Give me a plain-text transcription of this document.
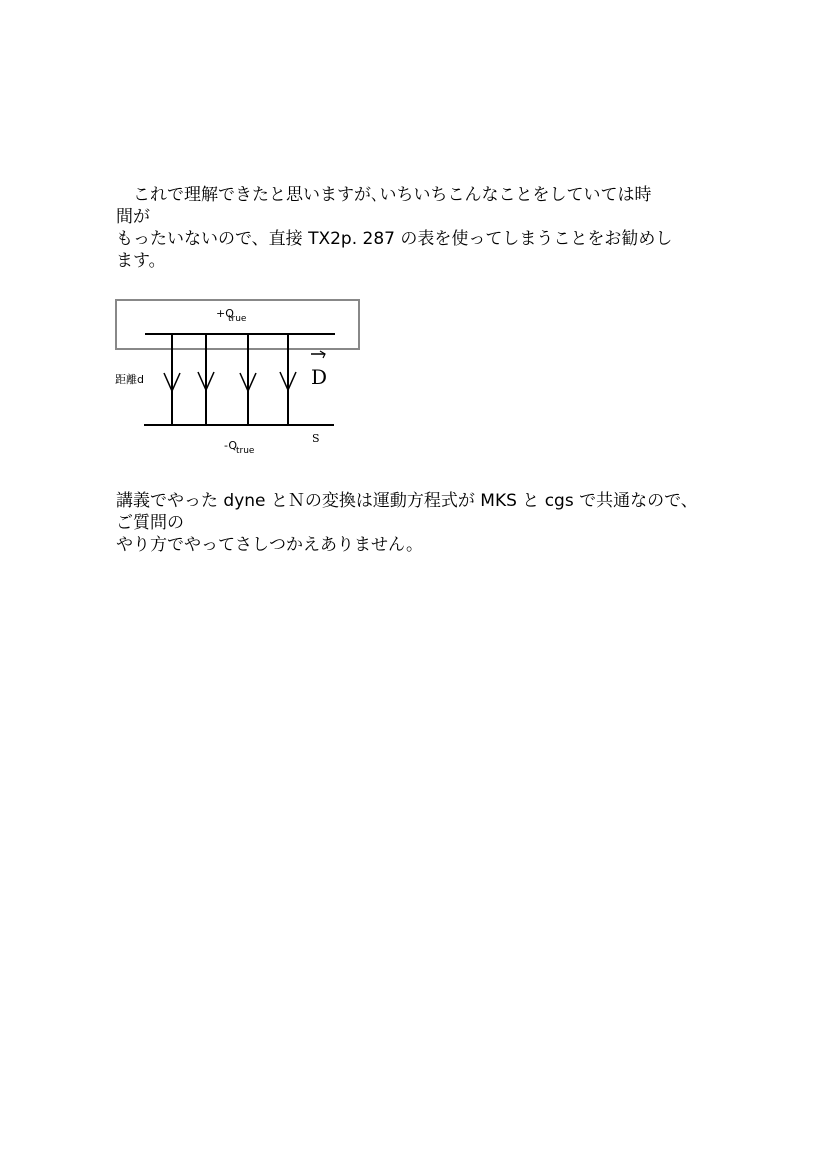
　これで理解できたと思いますが､いちいちこんなことをしていては時
間が
もったいないので、直接 TX2p. 287 の表を使ってしまうことをお勧めし
ます。
+Q
true
距離d	D
S
-Q
true
講義でやった dyne とＮの変換は運動方程式が MKS と cgs で共通なので、
ご質問の
やり方でやってさしつかえありません。
